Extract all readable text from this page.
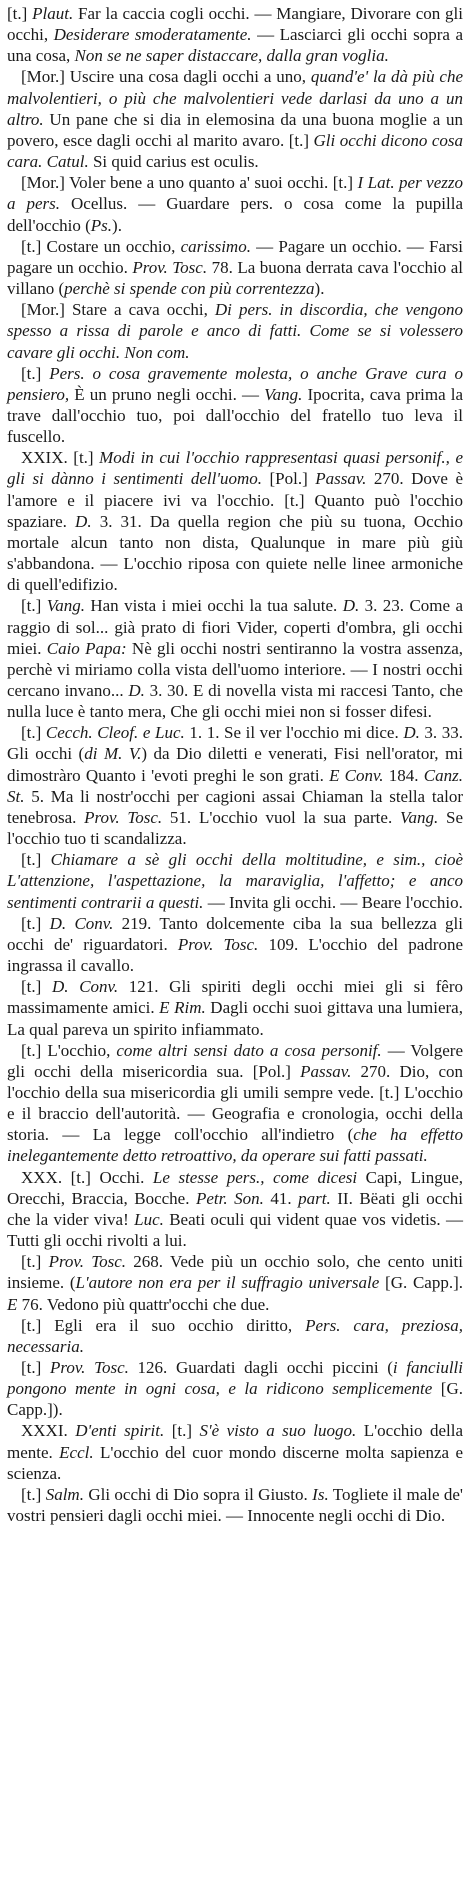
[t.] Plaut. Far la caccia cogli occhi. — Mangiare, Divorare con gli occhi, Desiderare smoderatamente. — Lasciarci gli occhi sopra a una cosa, Non se ne saper distaccare, dalla gran voglia.

[Mor.] Uscire una cosa dagli occhi a uno, quand'e' la dà più che malvolentieri, o più che malvolentieri vede darlasi da uno a un altro. Un pane che si dia in elemosina da una buona moglie a un povero, esce dagli occhi al marito avaro. [t.] Gli occhi dicono cosa cara. Catul. Si quid carius est oculis.

[Mor.] Voler bene a uno quanto a' suoi occhi. [t.] I Lat. per vezzo a pers. Ocellus. — Guardare pers. o cosa come la pupilla dell'occhio (Ps.).

[t.] Costare un occhio, carissimo. — Pagare un occhio. — Farsi pagare un occhio. Prov. Tosc. 78. La buona derrata cava l'occhio al villano (perchè si spende con più correntezza).

[Mor.] Stare a cava occhi, Di pers. in discordia, che vengono spesso a rissa di parole e anco di fatti. Come se si volessero cavare gli occhi. Non com.

[t.] Pers. o cosa gravemente molesta, o anche Grave cura o pensiero, È un pruno negli occhi. — Vang. Ipocrita, cava prima la trave dall'occhio tuo, poi dall'occhio del fratello tuo leva il fuscello.

XXIX. [t.] Modi in cui l'occhio rappresentasi quasi personif., e gli si dànno i sentimenti dell'uomo. [Pol.] Passav. 270. Dove è l'amore e il piacere ivi va l'occhio. [t.] Quanto può l'occhio spaziare. D. 3. 31. Da quella region che più su tuona, Occhio mortale alcun tanto non dista, Qualunque in mare più giù s'abbandona. — L'occhio riposa con quiete nelle linee armoniche di quell'edifizio.

[t.] Vang. Han vista i miei occhi la tua salute. D. 3. 23. Come a raggio di sol... già prato di fiori Vider, coperti d'ombra, gli occhi miei. Caio Papa: Nè gli occhi nostri sentiranno la vostra assenza, perchè vi miriamo colla vista dell'uomo interiore. — I nostri occhi cercano invano... D. 3. 30. E di novella vista mi raccesi Tanto, che nulla luce è tanto mera, Che gli occhi miei non si fosser difesi.

[t.] Cecch. Cleof. e Luc. 1. 1. Se il ver l'occhio mi dice. D. 3. 33. Gli occhi (di M. V.) da Dio diletti e venerati, Fisi nell'orator, mi dimostràro Quanto i 'evoti preghi le son grati. E Conv. 184. Canz. St. 5. Ma li nostr'occhi per cagioni assai Chiaman la stella talor tenebrosa. Prov. Tosc. 51. L'occhio vuol la sua parte. Vang. Se l'occhio tuo ti scandalizza.

[t.] Chiamare a sè gli occhi della moltitudine, e sim., cioè L'attenzione, l'aspettazione, la maraviglia, l'affetto; e anco sentimenti contrarii a questi. — Invita gli occhi. — Beare l'occhio.

[t.] D. Conv. 219. Tanto dolcemente ciba la sua bellezza gli occhi de' riguardatori. Prov. Tosc. 109. L'occhio del padrone ingrassa il cavallo.

[t.] D. Conv. 121. Gli spiriti degli occhi miei gli si fêro massimamente amici. E Rim. Dagli occhi suoi gittava una lumiera, La qual pareva un spirito infiammato.

[t.] L'occhio, come altri sensi dato a cosa personif. — Volgere gli occhi della misericordia sua. [Pol.] Passav. 270. Dio, con l'occhio della sua misericordia gli umili sempre vede. [t.] L'occhio e il braccio dell'autorità. — Geografia e cronologia, occhi della storia. — La legge coll'occhio all'indietro (che ha effetto inelegantemente detto retroattivo, da operare sui fatti passati.

XXX. [t.] Occhi. Le stesse pers., come dicesi Capi, Lingue, Orecchi, Braccia, Bocche. Petr. Son. 41. part. II. Bëati gli occhi che la vider viva! Luc. Beati oculi qui vident quae vos videtis. — Tutti gli occhi rivolti a lui.

[t.] Prov. Tosc. 268. Vede più un occhio solo, che cento uniti insieme. (L'autore non era per il suffragio universale [G. Capp.]. E 76. Vedono più quattr'occhi che due.

[t.] Egli era il suo occhio diritto, Pers. cara, preziosa, necessaria.

[t.] Prov. Tosc. 126. Guardati dagli occhi piccini (i fanciulli pongono mente in ogni cosa, e la ridicono semplicemente [G. Capp.]).

XXXI. D'enti spirit. [t.] S'è visto a suo luogo. L'occhio della mente. Eccl. L'occhio del cuor mondo discerne molta sapienza e scienza.

[t.] Salm. Gli occhi di Dio sopra il Giusto. Is. Togliete il male de' vostri pensieri dagli occhi miei. — Innocente negli occhi di Dio.
